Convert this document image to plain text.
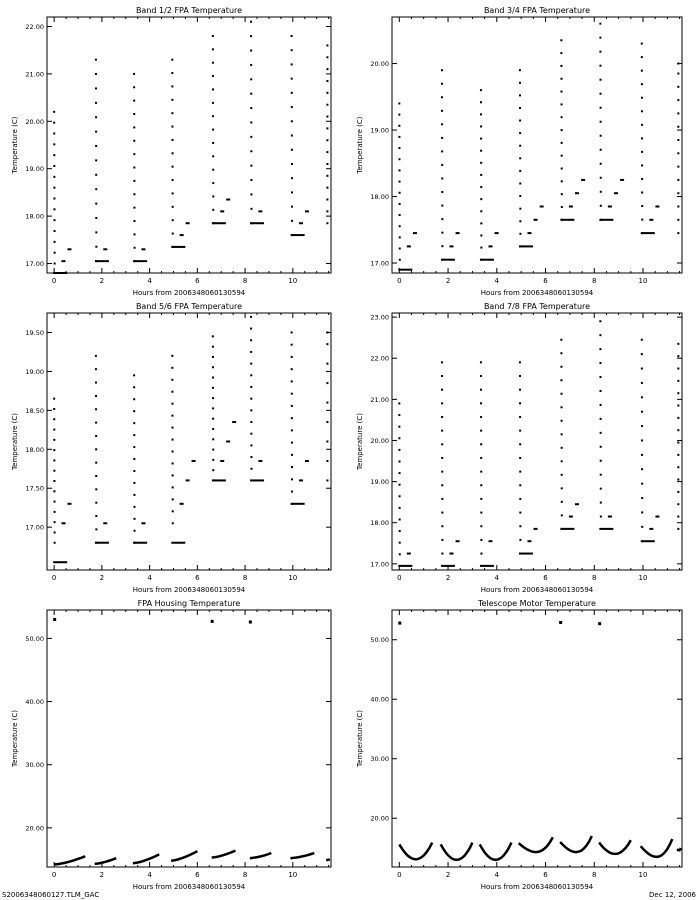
Band 1/2 FPA Temperature
Hours from 2006348060130594
Temperature (C)
0	2	4	6	8	10
17.00
18.00
19.00
20.00
21.00
22.00
Band 3/4 FPA Temperature
Hours from 2006348060130594
Temperature (C)
0	2	4	6	8	10
17.00
18.00
19.00
20.00
Band 5/6 FPA Temperature
Hours from 2006348060130594
Temperature (C)
0	2	4	6	8	10
17.00
17.50
18.00
18.50
19.00
19.50
Band 7/8 FPA Temperature
Hours from 2006348060130594
Temperature (C)
0	2	4	6	8	10
17.00
18.00
19.00
20.00
21.00
22.00
23.00
FPA Housing Temperature
Hours from 2006348060130594
Temperature (C)
0	2	4	6	8	10
20.00
30.00
40.00
50.00
Telescope Motor Temperature
Hours from 2006348060130594
Temperature (C)
0	2	4	6	8	10
20.00
30.00
40.00
50.00
S2006348060127.TLM_GAC	Dec 12, 2006
